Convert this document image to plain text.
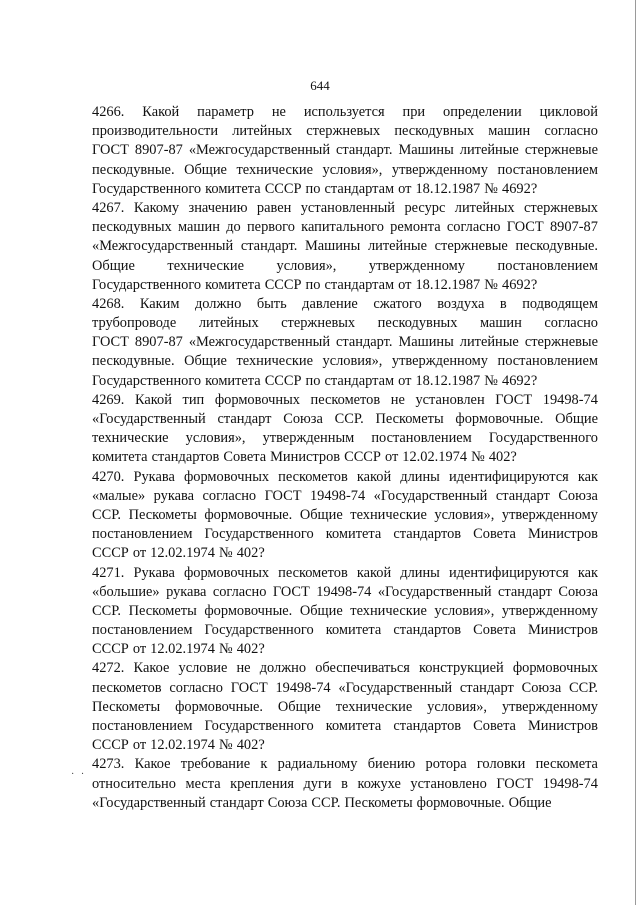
644
4266. Какой параметр не используется при определении цикловой
производительности литейных стержневых пескодувных машин согласно
ГОСТ 8907-87 «Межгосударственный стандарт. Машины литейные стержневые
пескодувные. Общие технические условия», утвержденному постановлением
Государственного комитета СССР по стандартам от 18.12.1987 № 4692?
4267. Какому значению равен установленный ресурс литейных стержневых
пескодувных машин до первого капитального ремонта согласно ГОСТ 8907-87
«Межгосударственный стандарт. Машины литейные стержневые пескодувные.
Общие технические условия», утвержденному постановлением
Государственного комитета СССР по стандартам от 18.12.1987 № 4692?
4268. Каким должно быть давление сжатого воздуха в подводящем
трубопроводе литейных стержневых пескодувных машин согласно
ГОСТ 8907-87 «Межгосударственный стандарт. Машины литейные стержневые
пескодувные. Общие технические условия», утвержденному постановлением
Государственного комитета СССР по стандартам от 18.12.1987 № 4692?
4269. Какой тип формовочных пескометов не установлен ГОСТ 19498-74
«Государственный стандарт Союза ССР. Пескометы формовочные. Общие
технические условия», утвержденным постановлением Государственного
комитета стандартов Совета Министров СССР от 12.02.1974 № 402?
4270. Рукава формовочных пескометов какой длины идентифицируются как
«малые» рукава согласно ГОСТ 19498-74 «Государственный стандарт Союза
ССР. Пескометы формовочные. Общие технические условия», утвержденному
постановлением Государственного комитета стандартов Совета Министров
СССР от 12.02.1974 № 402?
4271. Рукава формовочных пескометов какой длины идентифицируются как
«большие» рукава согласно ГОСТ 19498-74 «Государственный стандарт Союза
ССР. Пескометы формовочные. Общие технические условия», утвержденному
постановлением Государственного комитета стандартов Совета Министров
СССР от 12.02.1974 № 402?
4272. Какое условие не должно обеспечиваться конструкцией формовочных
пескометов согласно ГОСТ 19498-74 «Государственный стандарт Союза ССР.
Пескометы формовочные. Общие технические условия», утвержденному
постановлением Государственного комитета стандартов Совета Министров
СССР от 12.02.1974 № 402?
4273. Какое требование к радиальному биению ротора головки пескомета
относительно места крепления дуги в кожухе установлено ГОСТ 19498-74
«Государственный стандарт Союза ССР. Пескометы формовочные. Общие
· ·
